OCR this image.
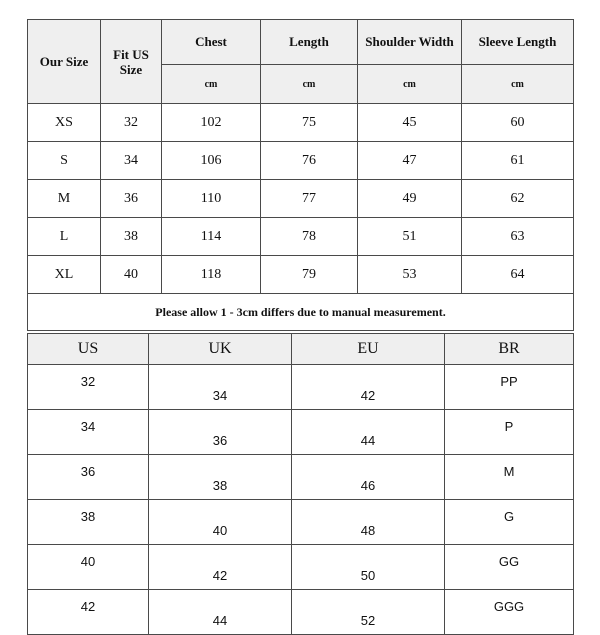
Our Size	Fit US Size	Chest	Length	Shoulder Width	Sleeve Length
		cm	cm	cm	cm
XS	32	102	75	45	60
S	34	106	76	47	61
M	36	110	77	49	62
L	38	114	78	51	63
XL	40	118	79	53	64
Please allow 1 - 3cm differs due to manual measurement.					
US	UK	EU	BR
32	34	42	PP
34	36	44	P
36	38	46	M
38	40	48	G
40	42	50	GG
42	44	52	GGG
